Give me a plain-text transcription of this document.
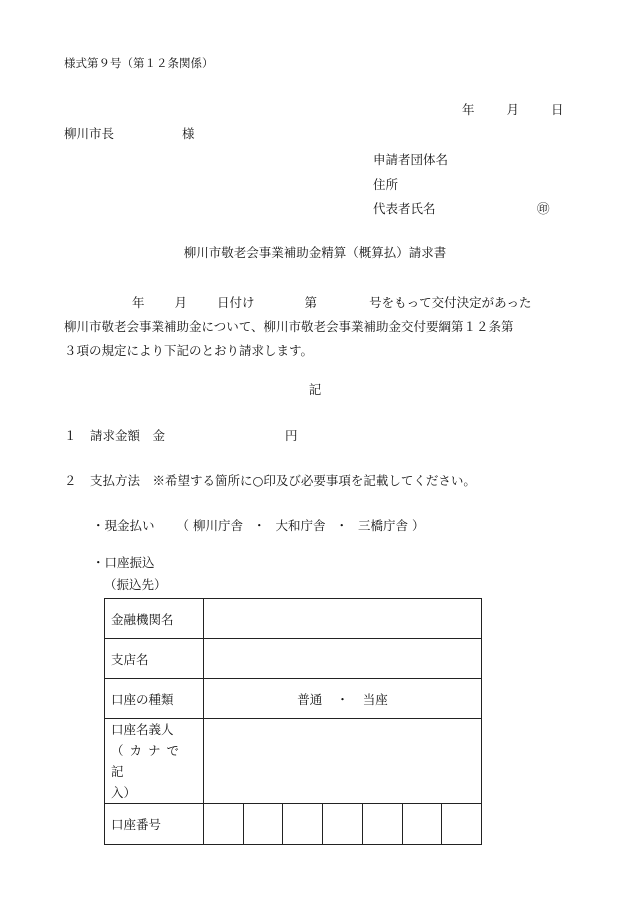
様式第９号（第１２条関係）
年	月	日
柳川市長	様
申請者団体名
住所
代表者氏名	㊞
柳川市敬老会事業補助金精算（概算払）請求書
年 月 日付け	第	号をもって交付決定があった
柳川市敬老会事業補助金について、柳川市敬老会事業補助金交付要綱第１２条第
３項の規定により下記のとおり請求します。
記
１ 請求金額　金	円
２ 支払方法　※希望する箇所に○印及び必要事項を記載してください。
・現金払い （ 柳川庁舎 ・ 大和庁舎 ・ 三橋庁舎 ）
・口座振込
（振込先）
金融機関名	
支店名	
口座の種類	普通 ・ 当座

口座名義人
（カナで記
入）	

口座番号	
